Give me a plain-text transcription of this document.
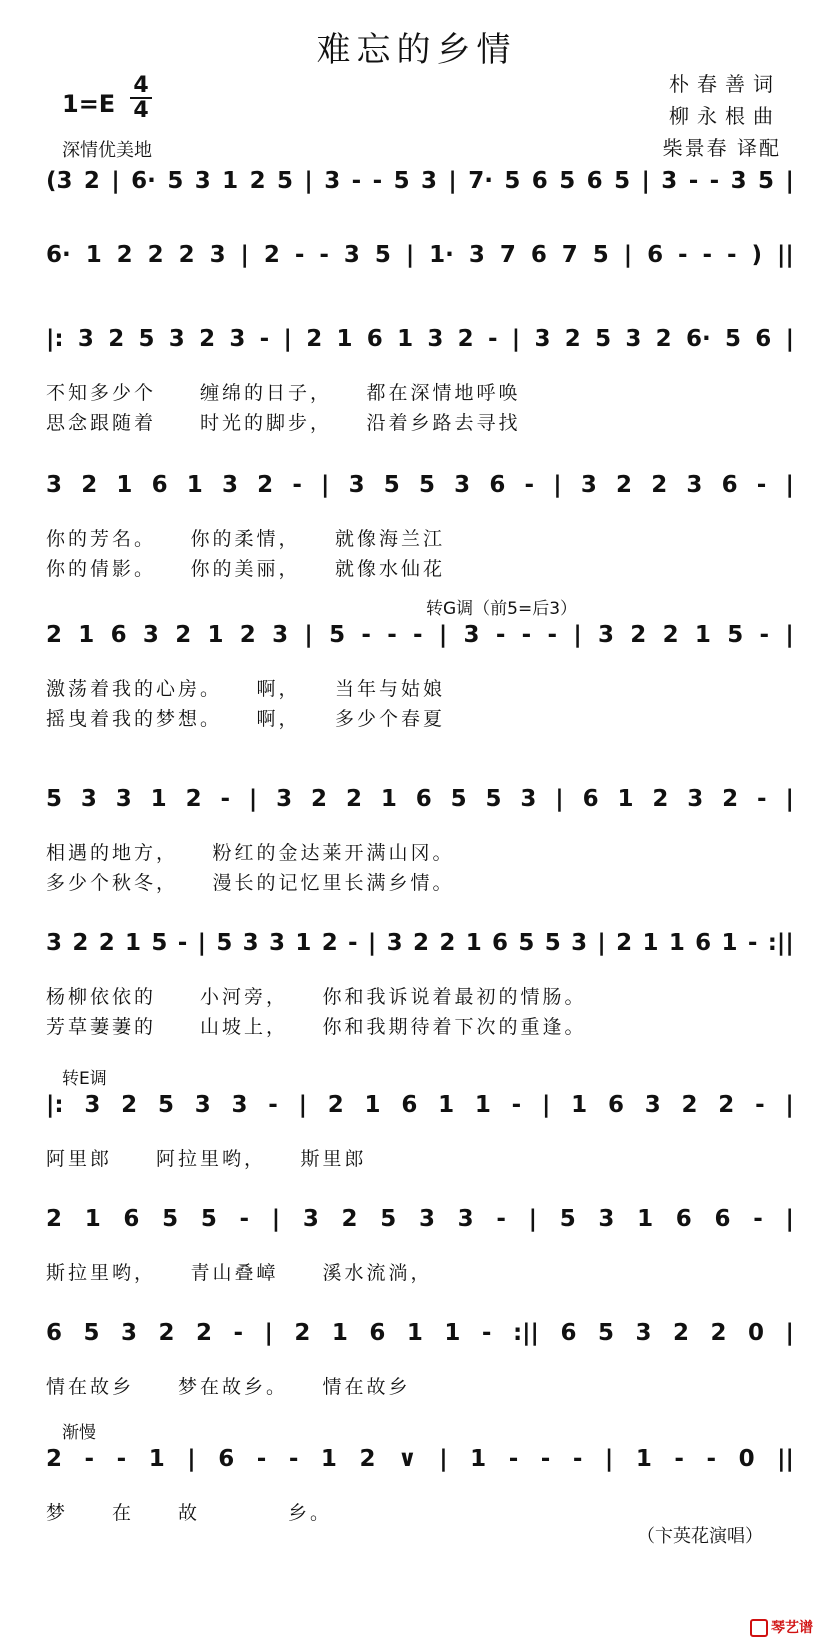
难忘的乡情
1=E
4
4
朴春善词
柳永根曲
柴景春 译配
深情优美地
(3 2 | 6· 5 3 1 2 5 | 3 - - 5 3 | 7· 5 6 5 6 5 | 3 - - 3 5 |
6· 1 2 2 2 3 | 2 - - 3 5 | 1· 3 7 6 7 5 | 6 - - - ) ||
|: 3 2 5 3 2 3 - | 2 1 6 1 3 2 - | 3 2 5 3 2 6· 5 6 |
不知多少个　　缠绵的日子，　　都在深情地呼唤
思念跟随着　　时光的脚步，　　沿着乡路去寻找
3 2 1 6 1 3 2 - | 3 5 5 3 6 - | 3 2 2 3 6 - |
你的芳名。　　你的柔情，　　就像海兰江
你的倩影。　　你的美丽，　　就像水仙花
转G调（前5=后3）
2 1 6 3 2 1 2 3 | 5 - - - | 3 - - - | 3 2 2 1 5 - |
激荡着我的心房。　　啊，　　当年与姑娘
摇曳着我的梦想。　　啊，　　多少个春夏
5 3 3 1 2 - | 3 2 2 1 6 5 5 3 | 6 1 2 3 2 - |
相遇的地方，　　粉红的金达莱开满山冈。
多少个秋冬，　　漫长的记忆里长满乡情。
3 2 2 1 5 - | 5 3 3 1 2 - | 3 2 2 1 6 5 5 3 | 2 1 1 6 1 - :||
杨柳依依的　　小河旁，　　你和我诉说着最初的情肠。
芳草萋萋的　　山坡上，　　你和我期待着下次的重逢。
转E调
|: 3 2 5 3 3 - | 2 1 6 1 1 - | 1 6 3 2 2 - |
阿里郎　　阿拉里哟，　　斯里郎
2 1 6 5 5 - | 3 2 5 3 3 - | 5 3 1 6 6 - |
斯拉里哟，　　青山叠嶂　　溪水流淌，
6 5 3 2 2 - | 2 1 6 1 1 - :|| 6 5 3 2 2 0 |
情在故乡　　梦在故乡。　　情在故乡
渐慢
2 - - 1 | 6 - - 1 2 ∨ | 1 - - - | 1 - - 0 ||
梦　　在　　故　　　　乡。
（卞英花演唱）
琴艺谱
